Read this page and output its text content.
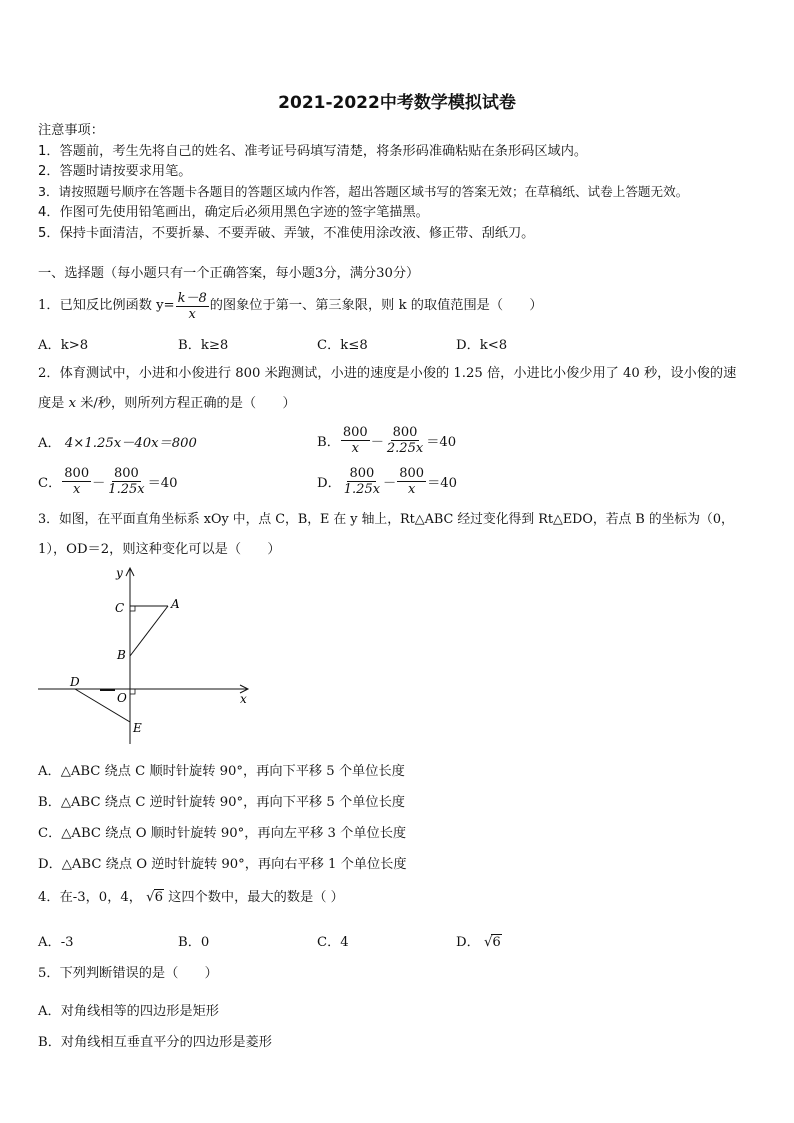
2021-2022中考数学模拟试卷
注意事项：
1．答题前，考生先将自己的姓名、准考证号码填写清楚，将条形码准确粘贴在条形码区域内。
2．答题时请按要求用笔。
3．请按照题号顺序在答题卡各题目的答题区域内作答，超出答题区域书写的答案无效；在草稿纸、试卷上答题无效。
4．作图可先使用铅笔画出，确定后必须用黑色字迹的签字笔描黑。
5．保持卡面清洁，不要折暴、不要弄破、弄皱，不准使用涂改液、修正带、刮纸刀。
一、选择题（每小题只有一个正确答案，每小题3分，满分30分）
1．已知反比例函数 $y= \frac{k-8}{x}$ 的图象位于第一、第三象限，则 k 的取值范围是（　　）
A．k>8	B．k≥8	C．k≤8	D．k<8
2．体育测试中，小进和小俊进行 800 米跑测试，小进的速度是小俊的 1.25 倍，小进比小俊少用了 40 秒，设小俊的速
度是 x 米/秒，则所列方程正确的是（　　）
A． 4×1.25x－40x＝800	B． $\frac{800}{x} - \frac{800}{2.25x} =40$
C． $\frac{800}{x} - \frac{800}{1.25x} =40$	D． $\frac{800}{1.25x} - \frac{800}{x} =40$
3．如图，在平面直角坐标系 xOy 中，点 C，B，E 在 y 轴上，Rt△ABC 经过变化得到 Rt△EDO，若点 B 的坐标为（0，
1），OD＝2，则这种变化可以是（　　）
y
x
C	A
B
D
O
E
A．△ABC 绕点 C 顺时针旋转 90°，再向下平移 5 个单位长度
B．△ABC 绕点 C 逆时针旋转 90°，再向下平移 5 个单位长度
C．△ABC 绕点 O 顺时针旋转 90°，再向左平移 3 个单位长度
D．△ABC 绕点 O 逆时针旋转 90°，再向右平移 1 个单位长度
4．在-3，0，4， √6 这四个数中，最大的数是（ ）
A．-3	B．0	C．4	D． √6
5．下列判断错误的是（　　）
A．对角线相等的四边形是矩形
B．对角线相互垂直平分的四边形是菱形
